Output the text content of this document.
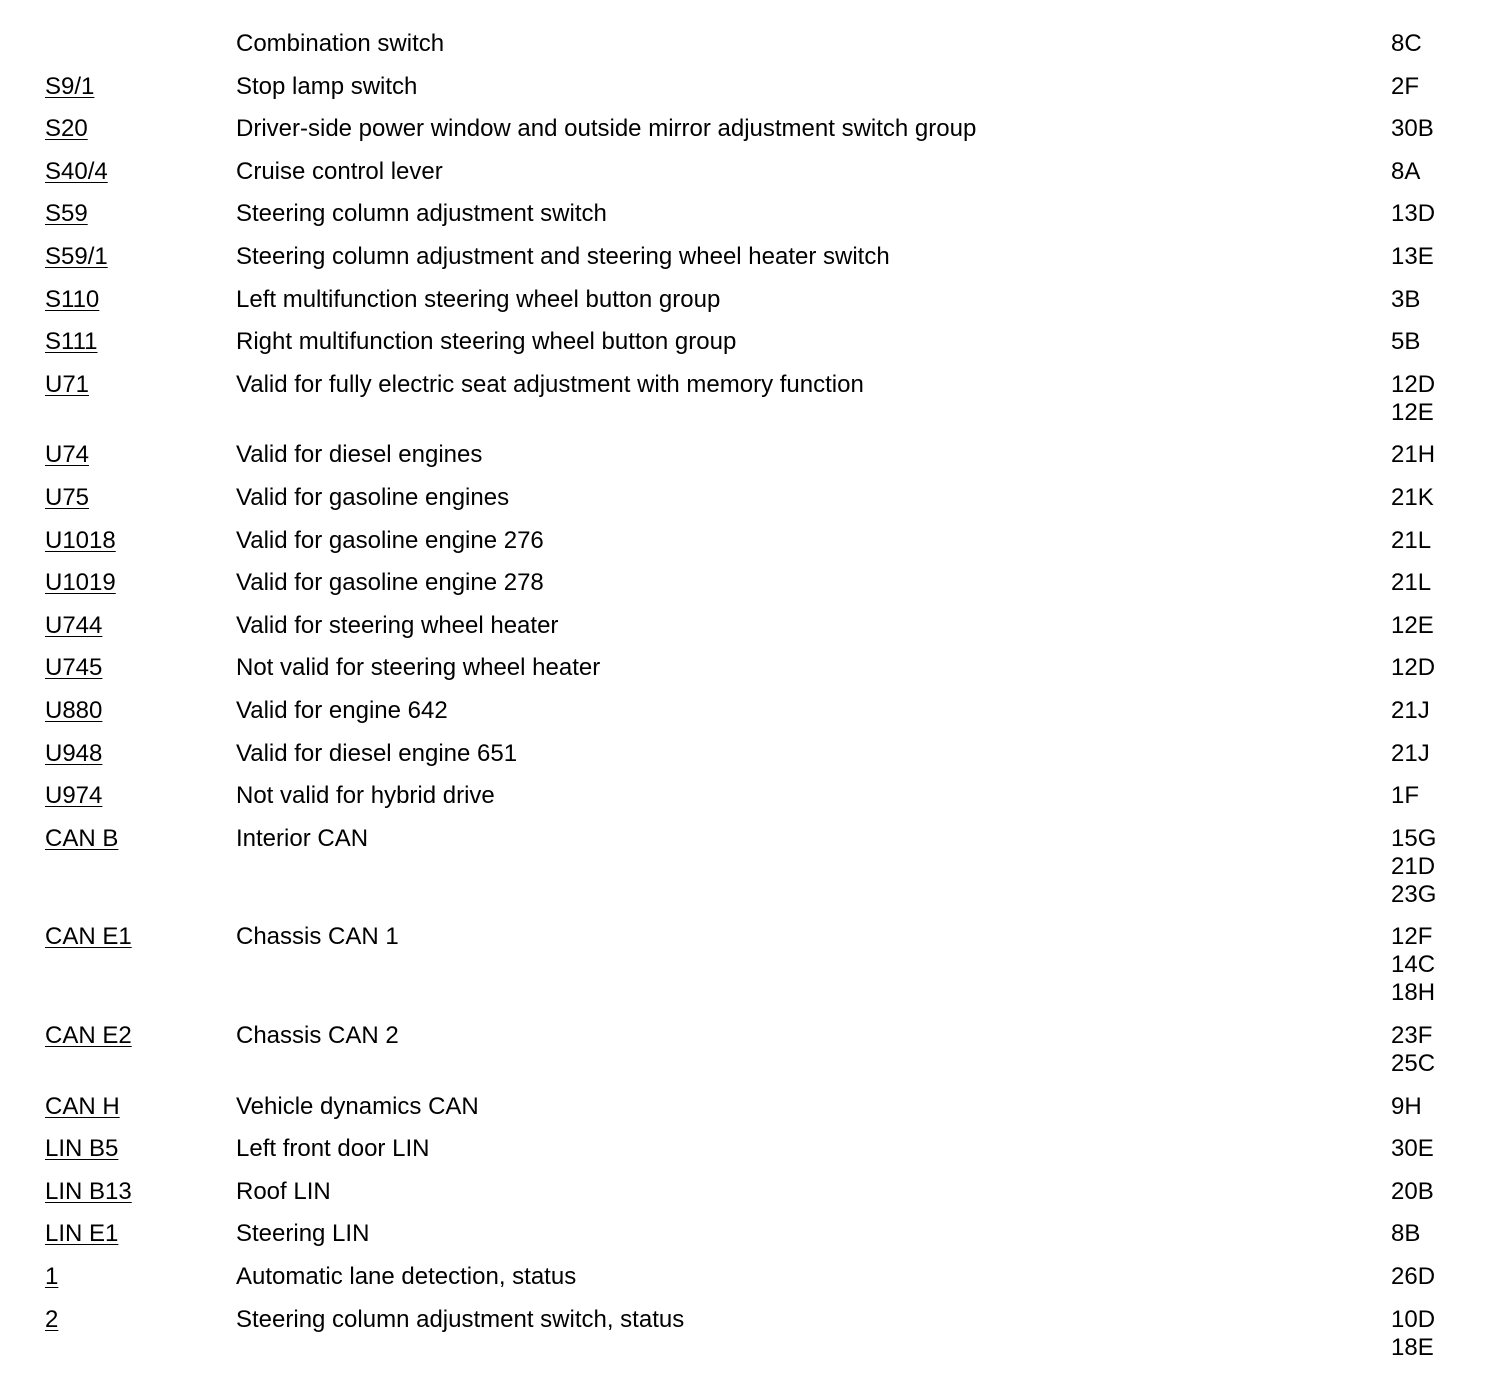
Combination switch	8C
S9/1	Stop lamp switch	2F
S20	Driver-side power window and outside mirror adjustment switch group	30B
S40/4	Cruise control lever	8A
S59	Steering column adjustment switch	13D
S59/1	Steering column adjustment and steering wheel heater switch	13E
S110	Left multifunction steering wheel button group	3B
S111	Right multifunction steering wheel button group	5B
U71	Valid for fully electric seat adjustment with memory function	12D
12E
U74	Valid for diesel engines	21H
U75	Valid for gasoline engines	21K
U1018	Valid for gasoline engine 276	21L
U1019	Valid for gasoline engine 278	21L
U744	Valid for steering wheel heater	12E
U745	Not valid for steering wheel heater	12D
U880	Valid for engine 642	21J
U948	Valid for diesel engine 651	21J
U974	Not valid for hybrid drive	1F
CAN B	Interior CAN	15G
21D
23G
CAN E1	Chassis CAN 1	12F
14C
18H
CAN E2	Chassis CAN 2	23F
25C
CAN H	Vehicle dynamics CAN	9H
LIN B5	Left front door LIN	30E
LIN B13	Roof LIN	20B
LIN E1	Steering LIN	8B
1	Automatic lane detection, status	26D
2	Steering column adjustment switch, status	10D
18E
